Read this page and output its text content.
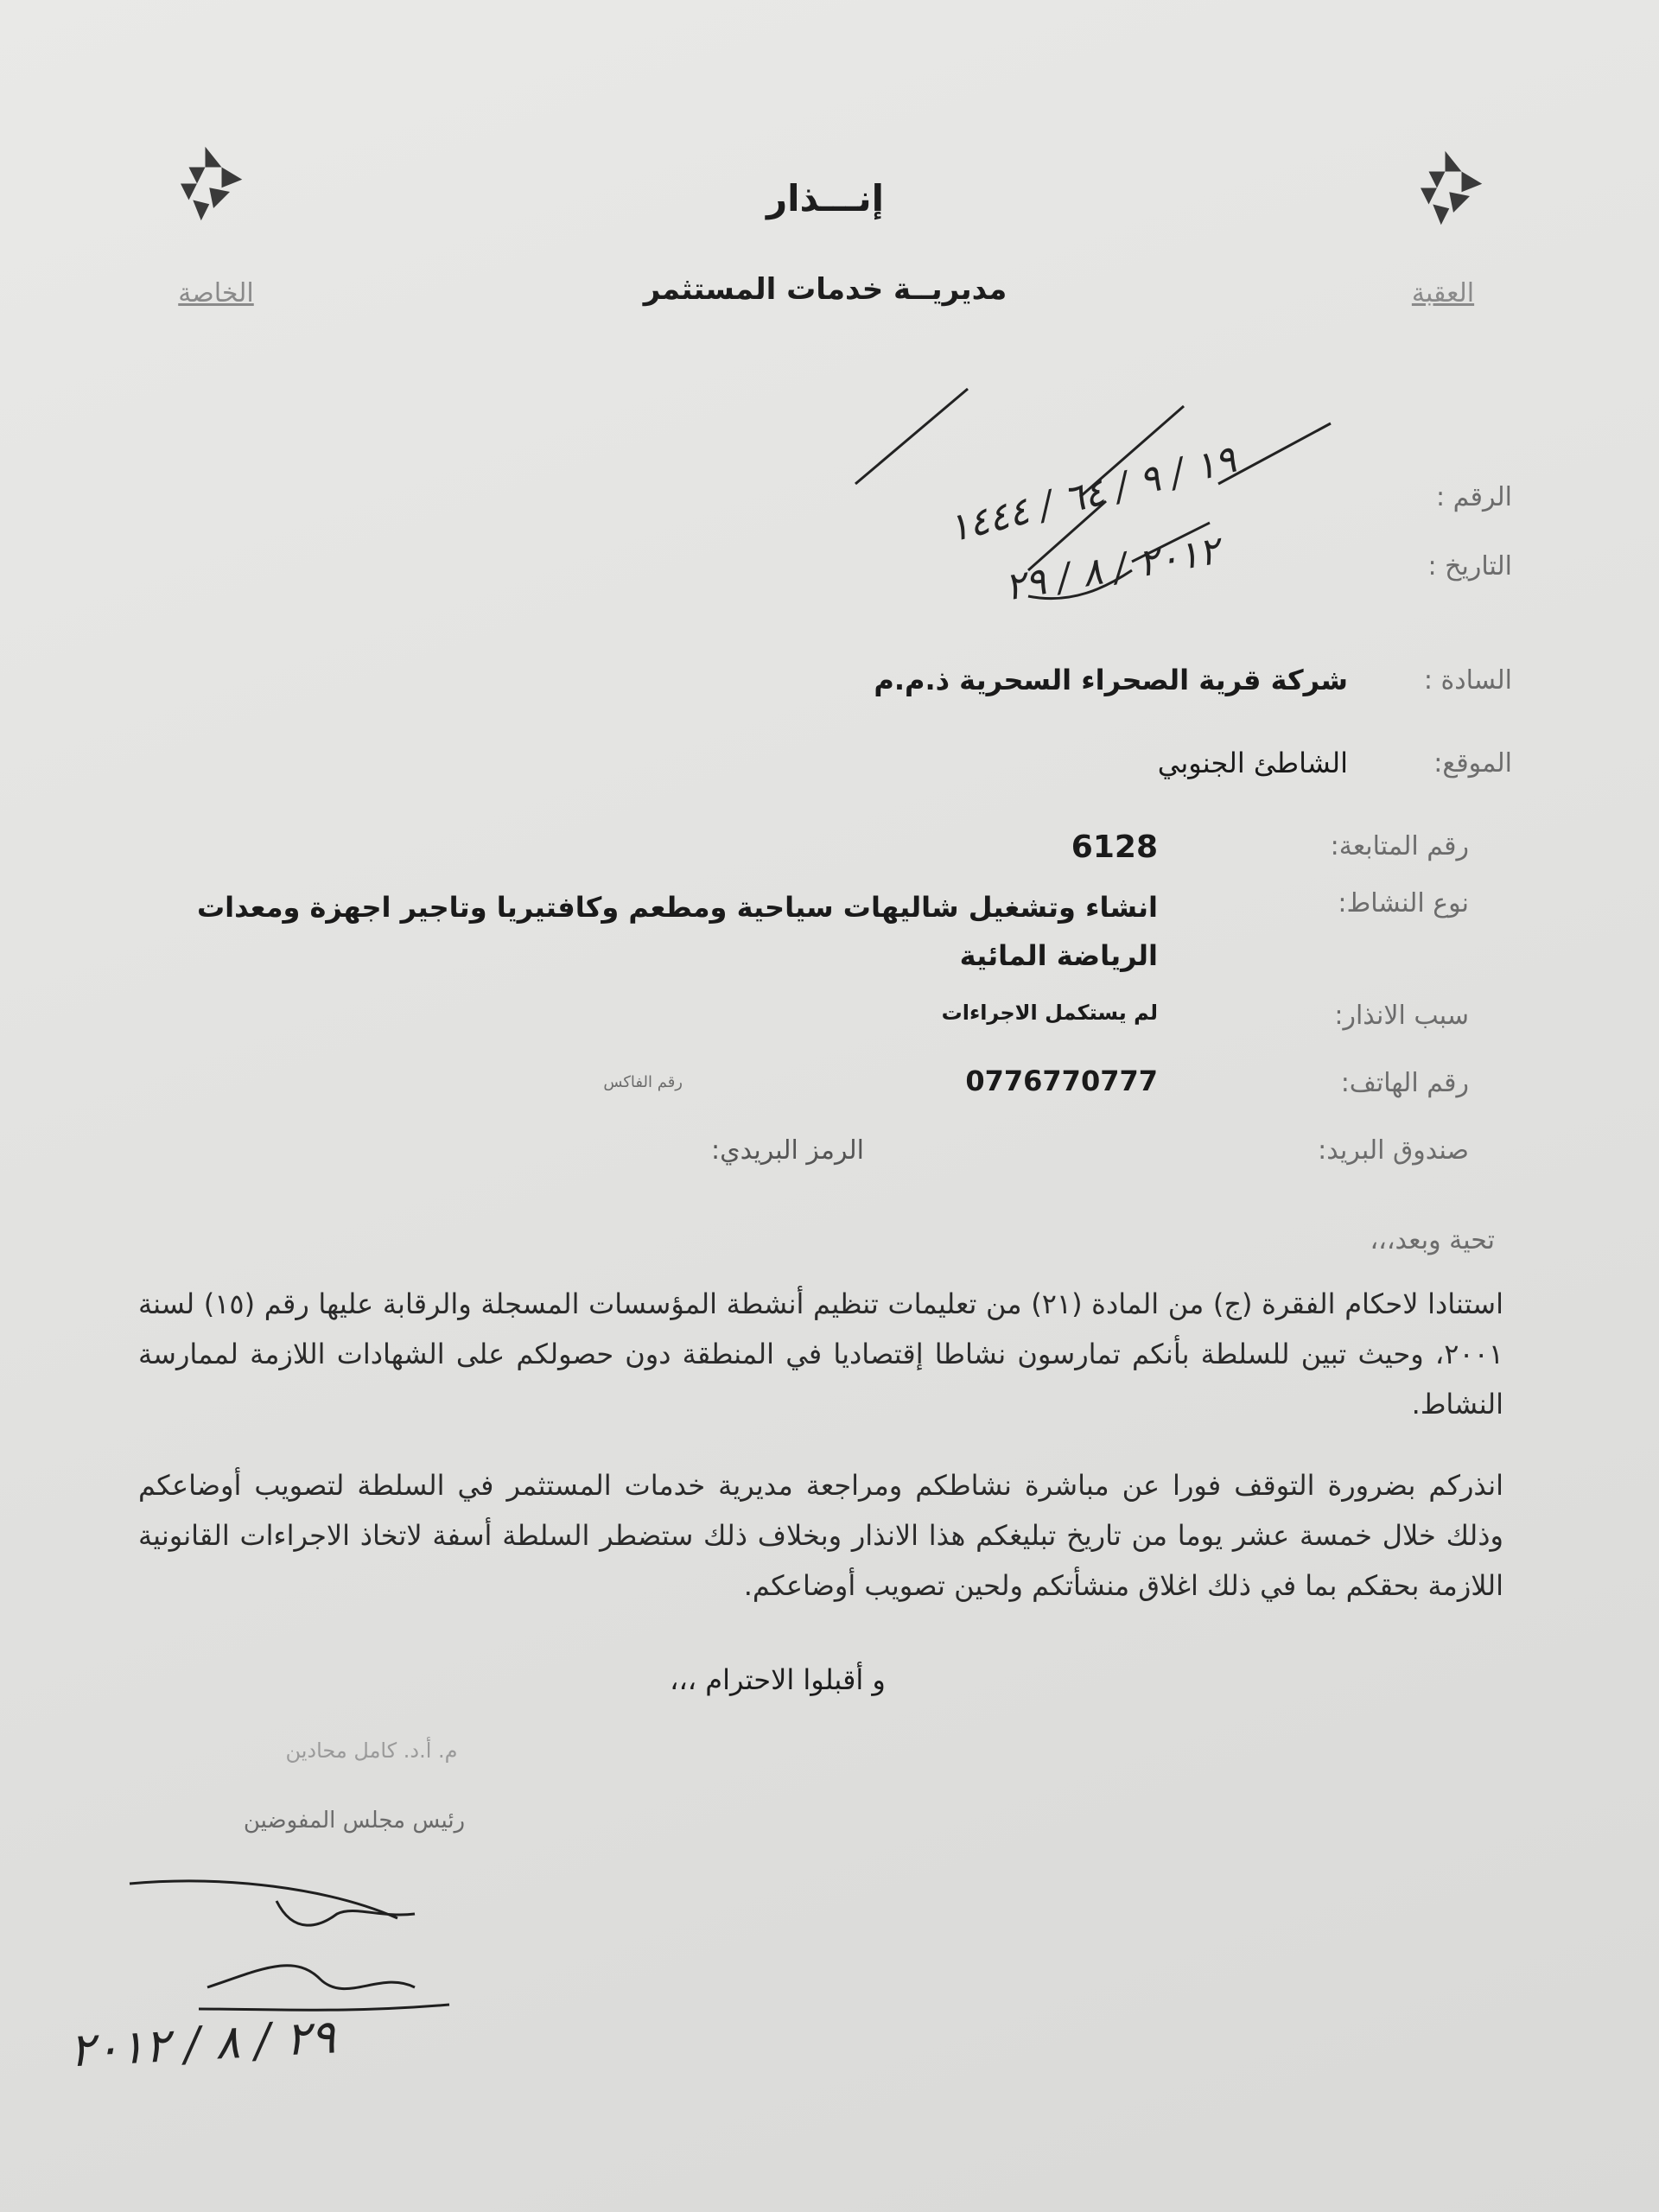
العقبة
الخاصة
إنـــذار
مديريــة خدمات المستثمر
الرقم :
التاريخ :
١٩ / ٩ / ٦٤ / ١٤٤٤
٢٠١٢ / ٨ / ٢٩
السادة :
شركة قرية الصحراء السحرية ذ.م.م
الموقع:
الشاطئ الجنوبي
رقم المتابعة:
6128
نوع النشاط:
انشاء وتشغيل شاليهات سياحية ومطعم وكافتيريا وتاجير اجهزة ومعدات الرياضة المائية
سبب الانذار:
لم يستكمل الاجراءات
رقم الهاتف:
0776770777
رقم الفاكس
صندوق البريد:
الرمز البريدي:
تحية وبعد،،،
استنادا لاحكام الفقرة (ج) من المادة (٢١) من تعليمات تنظيم أنشطة المؤسسات المسجلة والرقابة عليها رقم (١٥) لسنة ٢٠٠١، وحيث تبين للسلطة بأنكم تمارسون نشاطا إقتصاديا في المنطقة دون حصولكم على الشهادات اللازمة لممارسة النشاط.
انذركم بضرورة التوقف فورا عن مباشرة نشاطكم ومراجعة مديرية خدمات المستثمر في السلطة لتصويب أوضاعكم وذلك خلال خمسة عشر يوما من تاريخ تبليغكم هذا الانذار وبخلاف ذلك ستضطر السلطة أسفة لاتخاذ الاجراءات القانونية اللازمة بحقكم بما في ذلك اغلاق منشأتكم ولحين تصويب أوضاعكم.
و أقبلوا الاحترام ،،،
م. أ.د. كامل محادين
رئيس مجلس المفوضين
٢٩ / ٨ / ٢٠١٢
